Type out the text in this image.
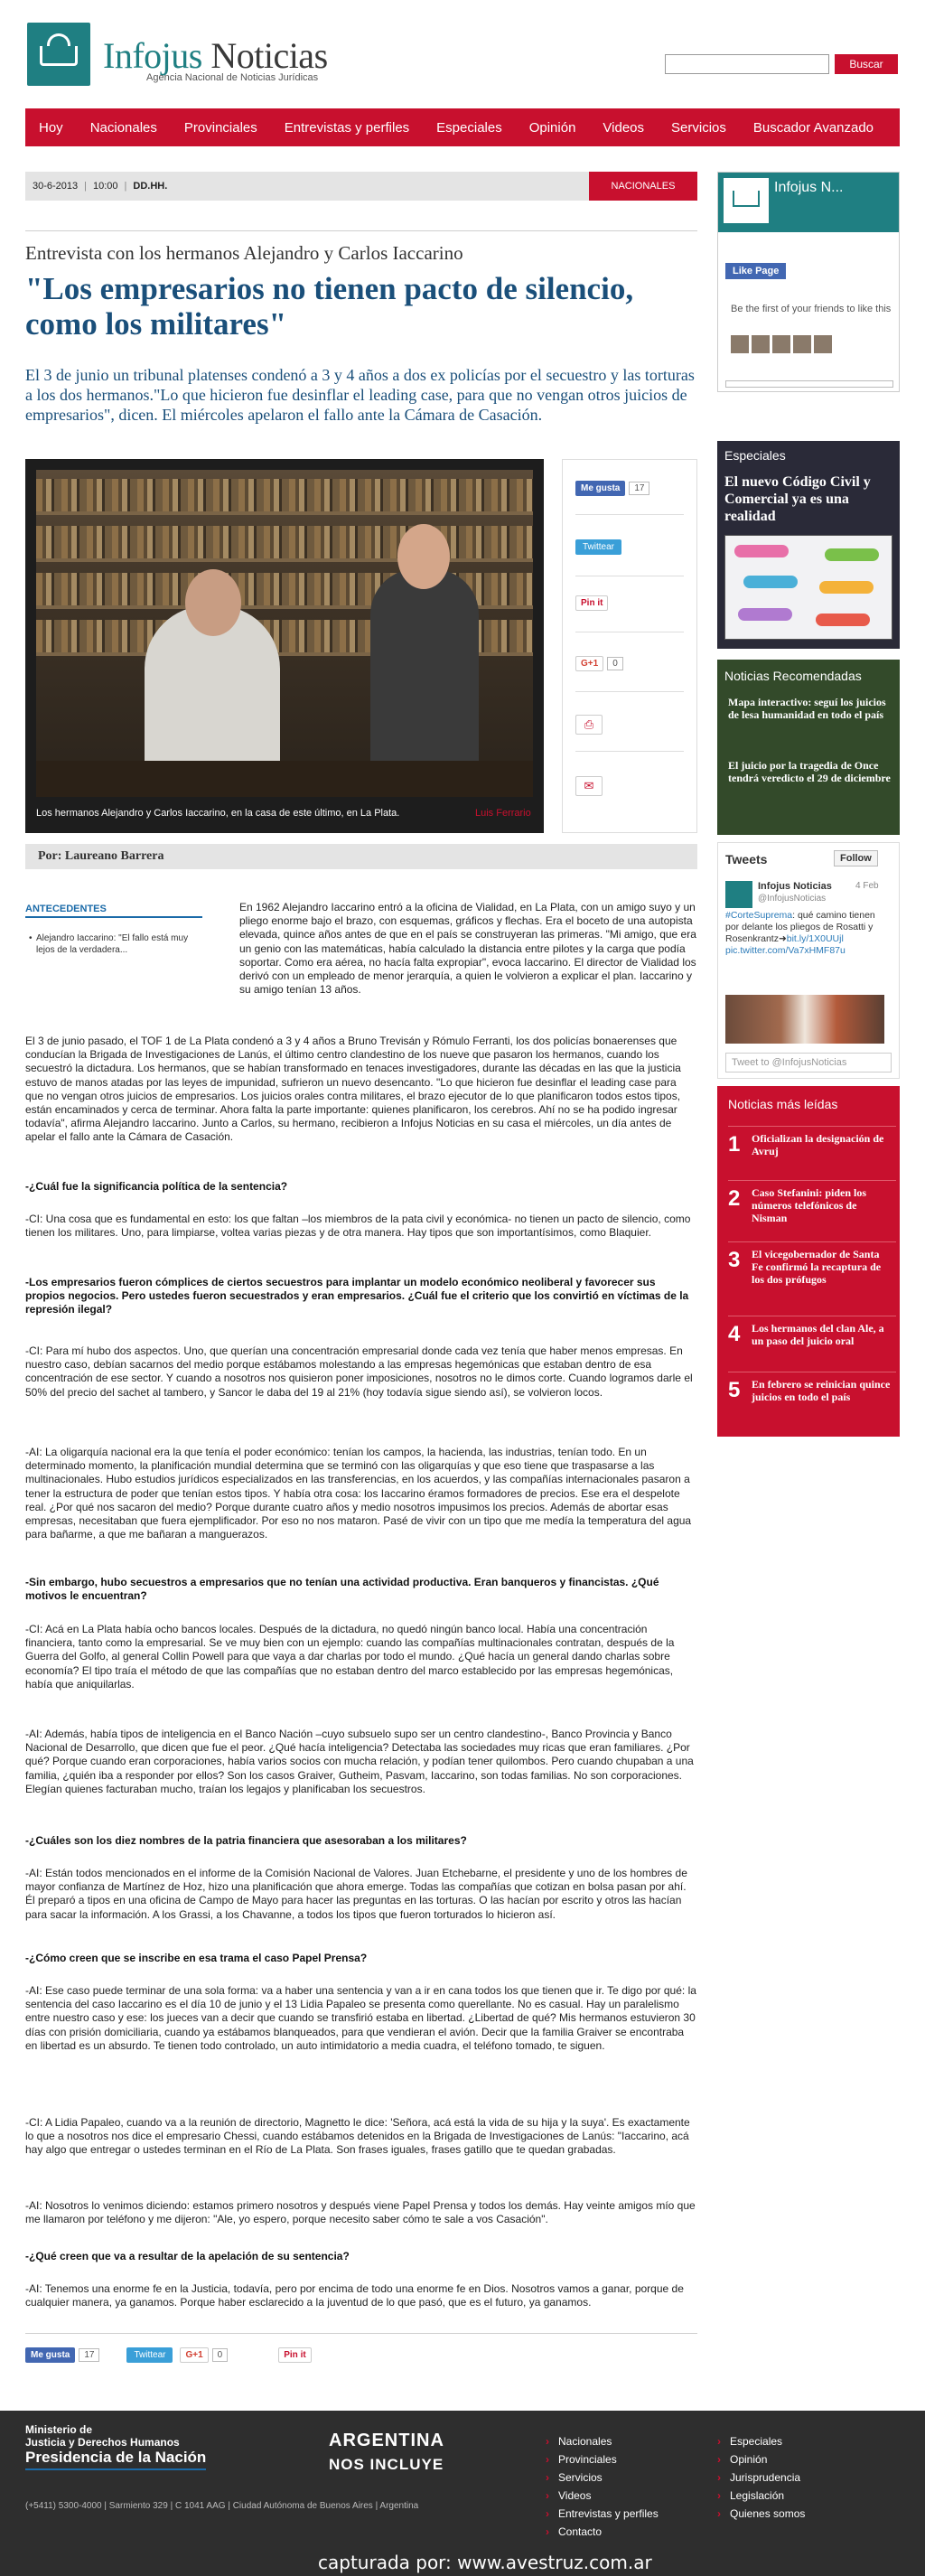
Infojus Noticias
Agencia Nacional de Noticias Jurídicas
Buscar
Hoy	Nacionales	Provinciales	Entrevistas y perfiles	Especiales	Opinión	Videos	Servicios	Buscador Avanzado
30-6-2013 | 10:00 | DD.HH.	NACIONALES
Entrevista con los hermanos Alejandro y Carlos Iaccarino
"Los empresarios no tienen pacto de silencio, como los militares"
El 3 de junio un tribunal platenses condenó a 3 y 4 años a dos ex policías por el secuestro y las torturas a los dos hermanos."Lo que hicieron fue desinflar el leading case, para que no vengan otros juicios de empresarios", dicen. El miércoles apelaron el fallo ante la Cámara de Casación.
Los hermanos Alejandro y Carlos Iaccarino, en la casa de este último, en La Plata.	Luis Ferrario
Me gusta 17
Twittear
Pin it
G+1 0
⎙
✉
Por: Laureano Barrera
ANTECEDENTES
• Alejandro Iaccarino: "El fallo está muy lejos de la verdadera...
En 1962 Alejandro Iaccarino entró a la oficina de Vialidad, en La Plata, con un amigo suyo y un pliego enorme bajo el brazo, con esquemas, gráficos y flechas. Era el boceto de una autopista elevada, quince años antes de que en el país se construyeran las primeras. "Mi amigo, que era un genio con las matemáticas, había calculado la distancia entre pilotes y la carga que podía soportar. Como era aérea, no hacía falta expropiar", evoca Iaccarino. El director de Vialidad los derivó con un empleado de menor jerarquía, a quien le volvieron a explicar el plan. Iaccarino y su amigo tenían 13 años.
El 3 de junio pasado, el TOF 1 de La Plata condenó a 3 y 4 años a Bruno Trevisán y Rómulo Ferranti, los dos policías bonaerenses que conducían la Brigada de Investigaciones de Lanús, el último centro clandestino de los nueve que pasaron los hermanos, cuando los secuestró la dictadura. Los hermanos, que se habían transformado en tenaces investigadores, durante las décadas en las que la justicia estuvo de manos atadas por las leyes de impunidad, sufrieron un nuevo desencanto. "Lo que hicieron fue desinflar el leading case para que no vengan otros juicios de empresarios. Los juicios orales contra militares, el brazo ejecutor de lo que planificaron todos estos tipos, están encaminados y cerca de terminar. Ahora falta la parte importante: quienes planificaron, los cerebros. Ahí no se ha podido ingresar todavía", afirma Alejandro Iaccarino. Junto a Carlos, su hermano, recibieron a Infojus Noticias en su casa el miércoles, un día antes de apelar el fallo ante la Cámara de Casación.
-¿Cuál fue la significancia política de la sentencia?
-CI: Una cosa que es fundamental en esto: los que faltan –los miembros de la pata civil y económica- no tienen un pacto de silencio, como tienen los militares. Uno, para limpiarse, voltea varias piezas y de otra manera. Hay tipos que son importantísimos, como Blaquier.
-Los empresarios fueron cómplices de ciertos secuestros para implantar un modelo económico neoliberal y favorecer sus propios negocios. Pero ustedes fueron secuestrados y eran empresarios. ¿Cuál fue el criterio que los convirtió en víctimas de la represión ilegal?
-CI: Para mí hubo dos aspectos. Uno, que querían una concentración empresarial donde cada vez tenía que haber menos empresas. En nuestro caso, debían sacarnos del medio porque estábamos molestando a las empresas hegemónicas que estaban dentro de esa concentración de ese sector. Y cuando a nosotros nos quisieron poner imposiciones, nosotros no le dimos corte. Cuando logramos darle el 50% del precio del sachet al tambero, y Sancor le daba del 19 al 21% (hoy todavía sigue siendo así), se volvieron locos.
-AI: La oligarquía nacional era la que tenía el poder económico: tenían los campos, la hacienda, las industrias, tenían todo. En un determinado momento, la planificación mundial determina que se terminó con las oligarquías y que eso tiene que traspasarse a las multinacionales. Hubo estudios jurídicos especializados en las transferencias, en los acuerdos, y las compañías internacionales pasaron a tener la estructura de poder que tenían estos tipos. Y había otra cosa: los Iaccarino éramos formadores de precios. Ese era el despelote real. ¿Por qué nos sacaron del medio? Porque durante cuatro años y medio nosotros impusimos los precios. Además de abortar esas empresas, necesitaban que fuera ejemplificador. Por eso no nos mataron. Pasé de vivir con un tipo que me medía la temperatura del agua para bañarme, a que me bañaran a manguerazos.
-Sin embargo, hubo secuestros a empresarios que no tenían una actividad productiva. Eran banqueros y financistas. ¿Qué motivos le encuentran?
-CI: Acá en La Plata había ocho bancos locales. Después de la dictadura, no quedó ningún banco local. Había una concentración financiera, tanto como la empresarial. Se ve muy bien con un ejemplo: cuando las compañías multinacionales contratan, después de la Guerra del Golfo, al general Collin Powell para que vaya a dar charlas por todo el mundo. ¿Qué hacía un general dando charlas sobre economía? El tipo traía el método de que las compañías que no estaban dentro del marco establecido por las empresas hegemónicas, había que aniquilarlas.
-AI: Además, había tipos de inteligencia en el Banco Nación –cuyo subsuelo supo ser un centro clandestino-, Banco Provincia y Banco Nacional de Desarrollo, que dicen que fue el peor. ¿Qué hacía inteligencia? Detectaba las sociedades muy ricas que eran familiares. ¿Por qué? Porque cuando eran corporaciones, había varios socios con mucha relación, y podían tener quilombos. Pero cuando chupaban a una familia, ¿quién iba a responder por ellos? Son los casos Graiver, Gutheim, Pasvam, Iaccarino, son todas familias. No son corporaciones. Elegían quienes facturaban mucho, traían los legajos y planificaban los secuestros.
-¿Cuáles son los diez nombres de la patria financiera que asesoraban a los militares?
-AI: Están todos mencionados en el informe de la Comisión Nacional de Valores. Juan Etchebarne, el presidente y uno de los hombres de mayor confianza de Martínez de Hoz, hizo una planificación que ahora emerge. Todas las compañías que cotizan en bolsa pasan por ahí. Él preparó a tipos en una oficina de Campo de Mayo para hacer las preguntas en las torturas. O las hacían por escrito y otros las hacían para sacar la información. A los Grassi, a los Chavanne, a todos los tipos que fueron torturados lo hicieron así.
-¿Cómo creen que se inscribe en esa trama el caso Papel Prensa?
-AI: Ese caso puede terminar de una sola forma: va a haber una sentencia y van a ir en cana todos los que tienen que ir. Te digo por qué: la sentencia del caso Iaccarino es el día 10 de junio y el 13 Lidia Papaleo se presenta como querellante. No es casual. Hay un paralelismo entre nuestro caso y ese: los jueces van a decir que cuando se transfirió estaba en libertad. ¿Libertad de qué? Mis hermanos estuvieron 30 días con prisión domiciliaria, cuando ya estábamos blanqueados, para que vendieran el avión. Decir que la familia Graiver se encontraba en libertad es un absurdo. Te tienen todo controlado, un auto intimidatorio a media cuadra, el teléfono tomado, te siguen.
-CI: A Lidia Papaleo, cuando va a la reunión de directorio, Magnetto le dice: 'Señora, acá está la vida de su hija y la suya'. Es exactamente lo que a nosotros nos dice el empresario Chessi, cuando estábamos detenidos en la Brigada de Investigaciones de Lanús: "Iaccarino, acá hay algo que entregar o ustedes terminan en el Río de La Plata. Son frases iguales, frases gatillo que te quedan grabadas.
-AI: Nosotros lo venimos diciendo: estamos primero nosotros y después viene Papel Prensa y todos los demás. Hay veinte amigos mío que me llamaron por teléfono y me dijeron: "Ale, yo espero, porque necesito saber cómo te sale a vos Casación".
-¿Qué creen que va a resultar de la apelación de su sentencia?
-AI: Tenemos una enorme fe en la Justicia, todavía, pero por encima de todo una enorme fe en Dios. Nosotros vamos a ganar, porque de cualquier manera, ya ganamos. Porque haber esclarecido a la juventud de lo que pasó, que es el futuro, ya ganamos.
Me gusta	17	Twittear	G+1	0	Pin it
Infojus N...
Like Page
Be the first of your friends to like this
Especiales
El nuevo Código Civil y Comercial ya es una realidad
Noticias Recomendadas
Mapa interactivo: seguí los juicios de lesa humanidad en todo el país
El juicio por la tragedia de Once tendrá veredicto el 29 de diciembre
Tweets	Follow
Infojus Noticias
@InfojusNoticias
4 Feb
#CorteSuprema: qué camino tienen por delante los pliegos de Rosatti y Rosenkrantz➜bit.ly/1X0UUjl pic.twitter.com/Va7xHMF87u
Tweet to @InfojusNoticias
Noticias más leídas
1 Oficializan la designación de Avruj
2 Caso Stefanini: piden los números telefónicos de Nisman
3 El vicegobernador de Santa Fe confirmó la recaptura de los dos prófugos
4 Los hermanos del clan Ale, a un paso del juicio oral
5 En febrero se reinician quince juicios en todo el país
Ministerio de
Justicia y Derechos Humanos
Presidencia de la Nación
(+5411) 5300-4000 | Sarmiento 329 | C 1041 AAG | Ciudad Autónoma de Buenos Aires | Argentina
ARGENTINA
NOS INCLUYE
› Nacionales
› Provinciales
› Servicios
› Videos
› Entrevistas y perfiles
› Contacto
› Especiales
› Opinión
› Jurisprudencia
› Legislación
› Quienes somos
capturada por: www.avestruz.com.ar
